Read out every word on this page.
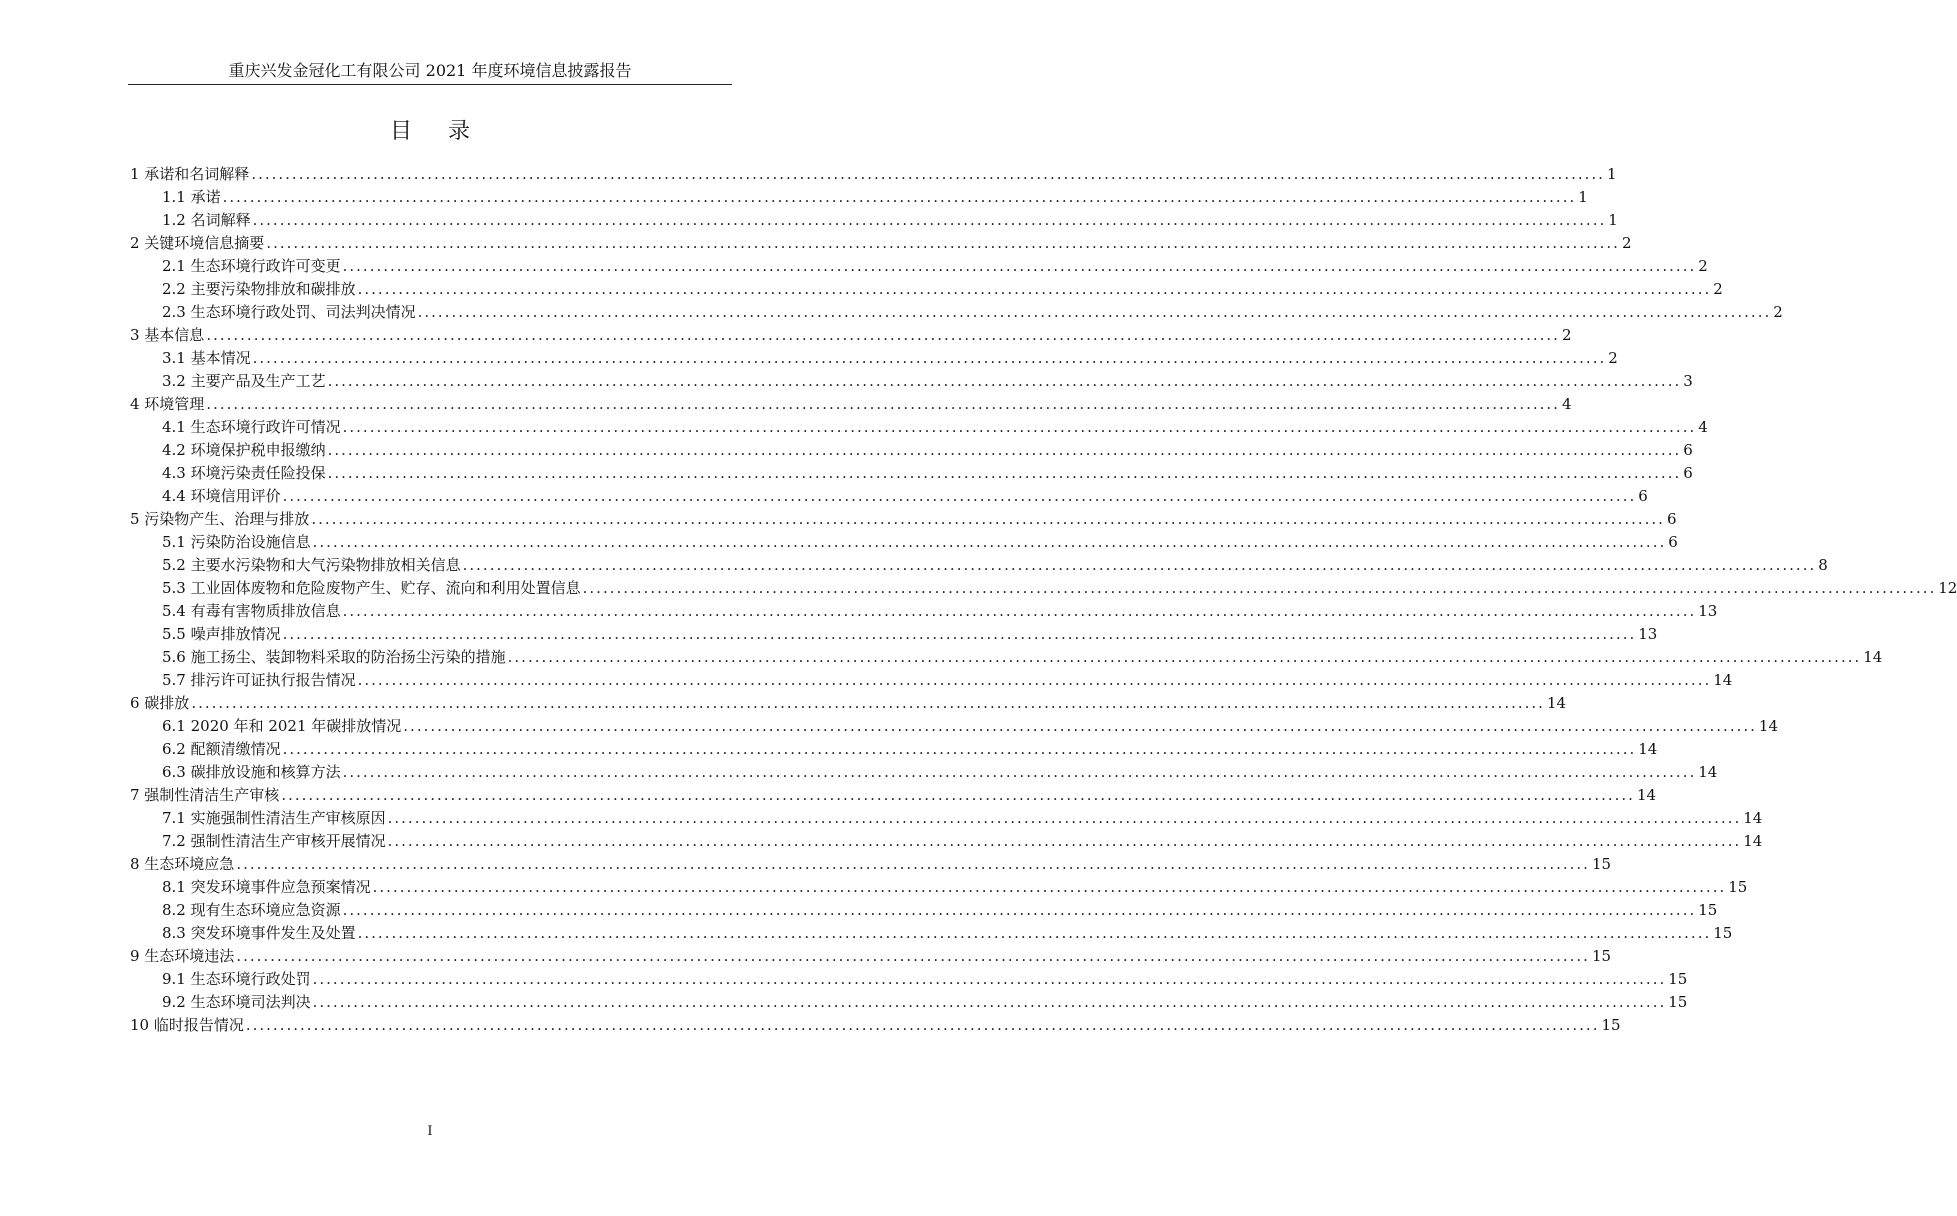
重庆兴发金冠化工有限公司 2021 年度环境信息披露报告
目录
1 承诺和名词解释 ........................................................................................................................................................................................................ 1
1.1 承诺 ........................................................................................................................................................................................................ 1
1.2 名词解释 ........................................................................................................................................................................................................ 1
2 关键环境信息摘要 ........................................................................................................................................................................................................ 2
2.1 生态环境行政许可变更 ........................................................................................................................................................................................................ 2
2.2 主要污染物排放和碳排放 ........................................................................................................................................................................................................ 2
2.3 生态环境行政处罚、司法判决情况 ........................................................................................................................................................................................................ 2
3 基本信息 ........................................................................................................................................................................................................ 2
3.1 基本情况 ........................................................................................................................................................................................................ 2
3.2 主要产品及生产工艺 ........................................................................................................................................................................................................ 3
4 环境管理 ........................................................................................................................................................................................................ 4
4.1 生态环境行政许可情况 ........................................................................................................................................................................................................ 4
4.2 环境保护税申报缴纳 ........................................................................................................................................................................................................ 6
4.3 环境污染责任险投保 ........................................................................................................................................................................................................ 6
4.4 环境信用评价 ........................................................................................................................................................................................................ 6
5 污染物产生、治理与排放 ........................................................................................................................................................................................................ 6
5.1 污染防治设施信息 ........................................................................................................................................................................................................ 6
5.2 主要水污染物和大气污染物排放相关信息 ........................................................................................................................................................................................................ 8
5.3 工业固体废物和危险废物产生、贮存、流向和利用处置信息 ........................................................................................................................................................................................................ 12
5.4 有毒有害物质排放信息 ........................................................................................................................................................................................................ 13
5.5 噪声排放情况 ........................................................................................................................................................................................................ 13
5.6 施工扬尘、装卸物料采取的防治扬尘污染的措施 ........................................................................................................................................................................................................ 14
5.7 排污许可证执行报告情况 ........................................................................................................................................................................................................ 14
6 碳排放 ........................................................................................................................................................................................................ 14
6.1 2020 年和 2021 年碳排放情况 ........................................................................................................................................................................................................ 14
6.2 配额清缴情况 ........................................................................................................................................................................................................ 14
6.3 碳排放设施和核算方法 ........................................................................................................................................................................................................ 14
7 强制性清洁生产审核 ........................................................................................................................................................................................................ 14
7.1 实施强制性清洁生产审核原因 ........................................................................................................................................................................................................ 14
7.2 强制性清洁生产审核开展情况 ........................................................................................................................................................................................................ 14
8 生态环境应急 ........................................................................................................................................................................................................ 15
8.1 突发环境事件应急预案情况 ........................................................................................................................................................................................................ 15
8.2 现有生态环境应急资源 ........................................................................................................................................................................................................ 15
8.3 突发环境事件发生及处置 ........................................................................................................................................................................................................ 15
9 生态环境违法 ........................................................................................................................................................................................................ 15
9.1 生态环境行政处罚 ........................................................................................................................................................................................................ 15
9.2 生态环境司法判决 ........................................................................................................................................................................................................ 15
10 临时报告情况 ........................................................................................................................................................................................................ 15
I
